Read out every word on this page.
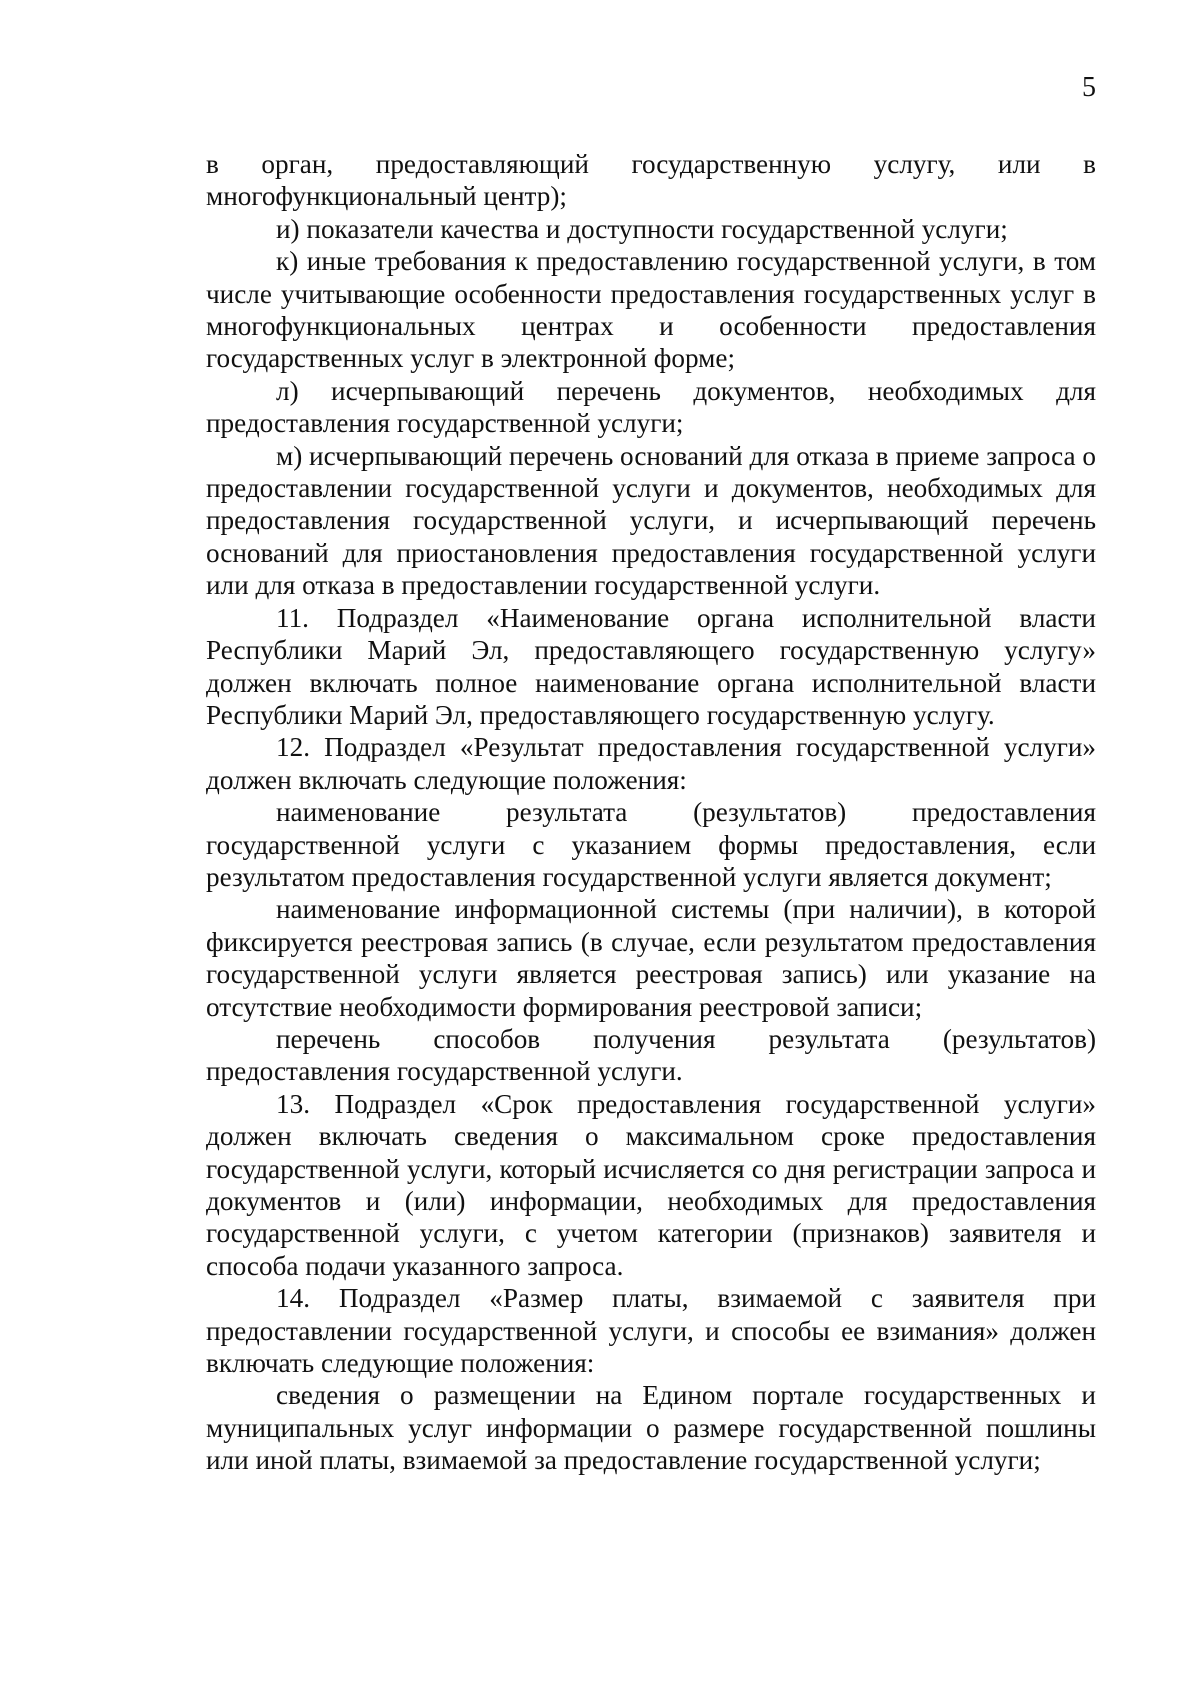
5

в орган, предоставляющий государственную услугу, или в многофункциональный центр);

и) показатели качества и доступности государственной услуги;

к) иные требования к предоставлению государственной услуги, в том числе учитывающие особенности предоставления государственных услуг в многофункциональных центрах и особенности предоставления государственных услуг в электронной форме;

л) исчерпывающий перечень документов, необходимых для предоставления государственной услуги;

м) исчерпывающий перечень оснований для отказа в приеме запроса о предоставлении государственной услуги и документов, необходимых для предоставления государственной услуги, и исчерпывающий перечень оснований для приостановления предоставления государственной услуги или для отказа в предоставлении государственной услуги.

11. Подраздел «Наименование органа исполнительной власти Республики Марий Эл, предоставляющего государственную услугу» должен включать полное наименование органа исполнительной власти Республики Марий Эл, предоставляющего государственную услугу.

12. Подраздел «Результат предоставления государственной услуги» должен включать следующие положения:

наименование результата (результатов) предоставления государственной услуги с указанием формы предоставления, если результатом предоставления государственной услуги является документ;

наименование информационной системы (при наличии), в которой фиксируется реестровая запись (в случае, если результатом предоставления государственной услуги является реестровая запись) или указание на отсутствие необходимости формирования реестровой записи;

перечень способов получения результата (результатов) предоставления государственной услуги.

13. Подраздел «Срок предоставления государственной услуги» должен включать сведения о максимальном сроке предоставления государственной услуги, который исчисляется со дня регистрации запроса и документов и (или) информации, необходимых для предоставления государственной услуги, с учетом категории (признаков) заявителя и способа подачи указанного запроса.

14. Подраздел «Размер платы, взимаемой с заявителя при предоставлении государственной услуги, и способы ее взимания» должен включать следующие положения:

сведения о размещении на Едином портале государственных и муниципальных услуг информации о размере государственной пошлины или иной платы, взимаемой за предоставление государственной услуги;
